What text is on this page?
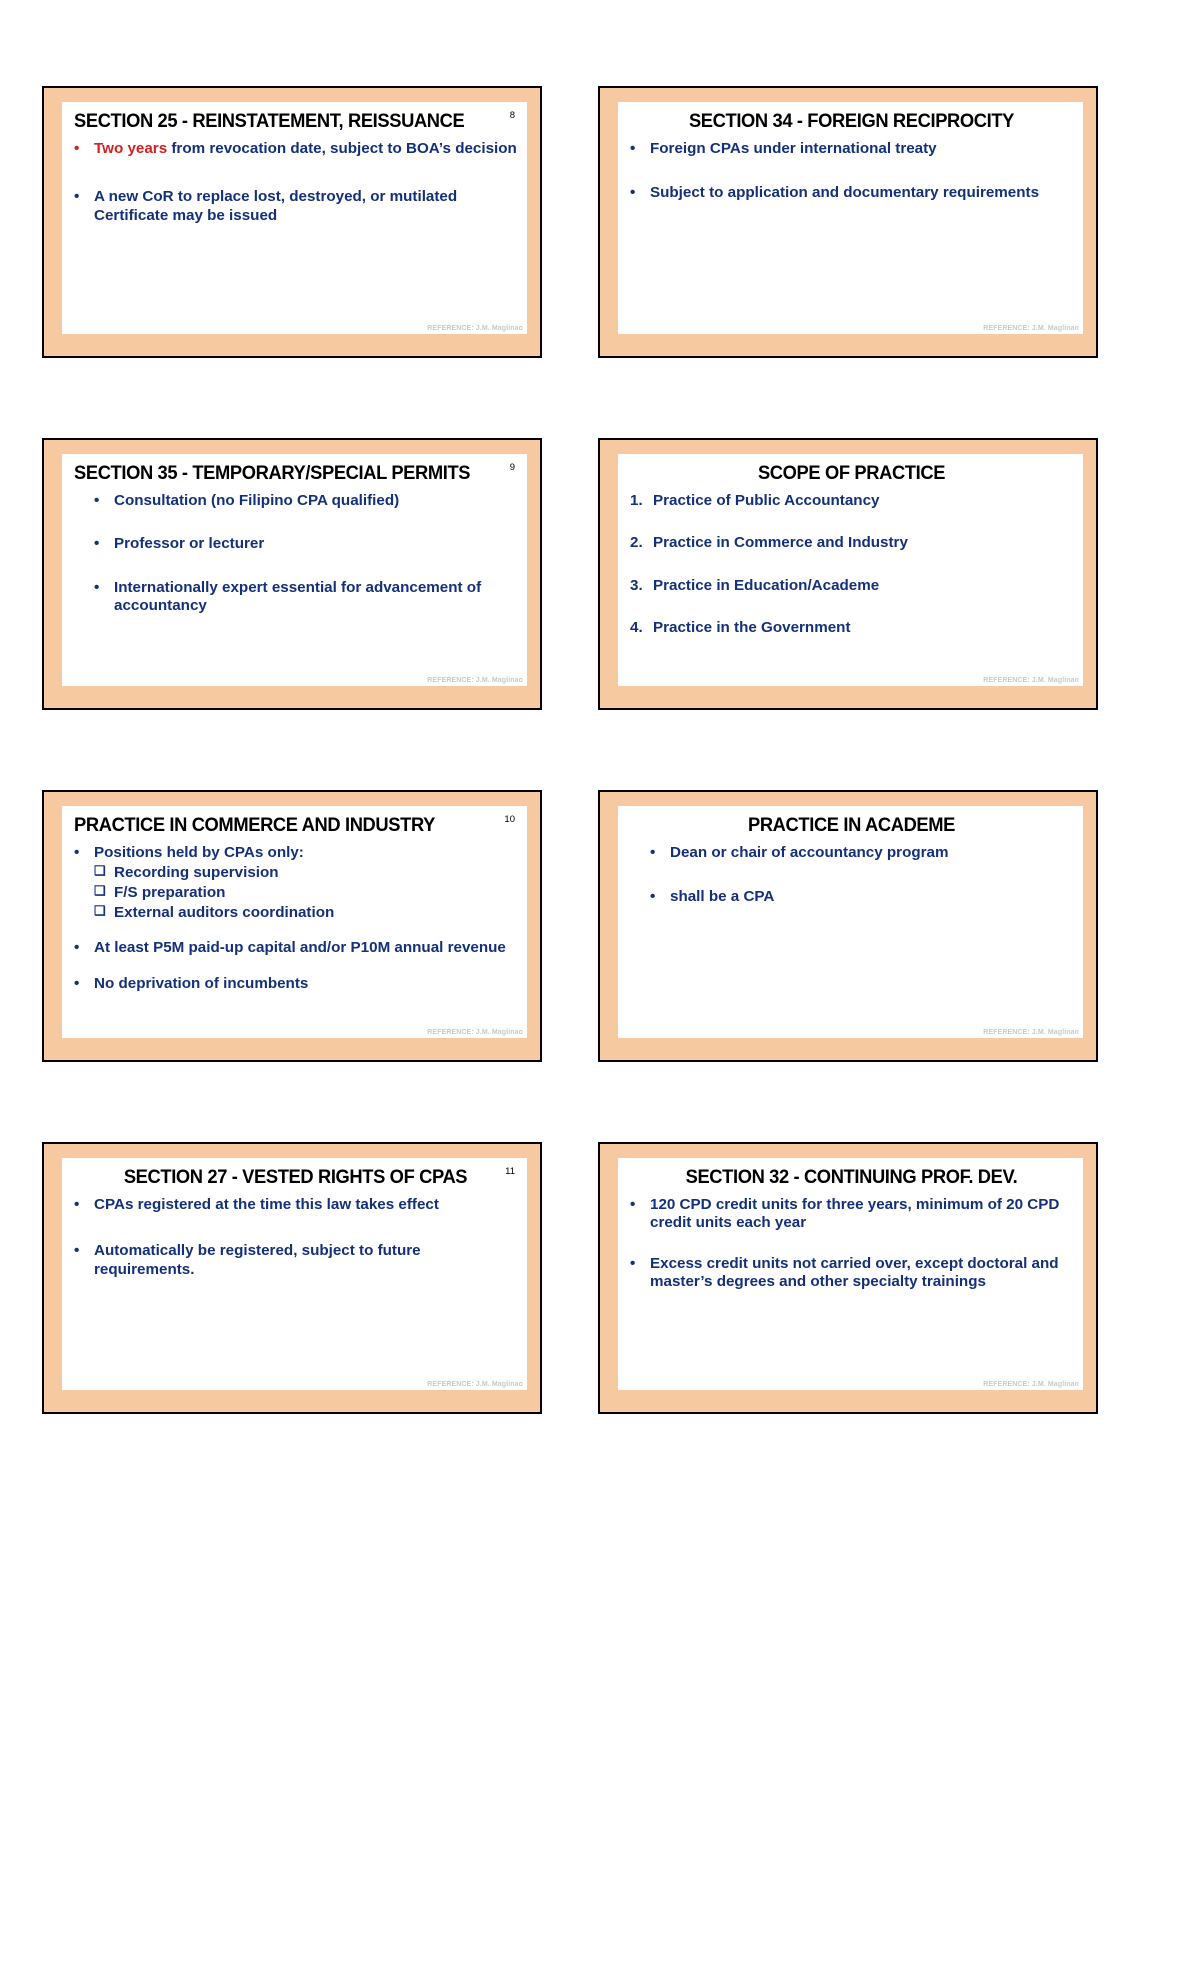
SECTION 25 - REINSTATEMENT, REISSUANCE	8
• Two years from revocation date, subject to BOA’s decision
• A new CoR to replace lost, destroyed, or mutilated Certificate may be issued
REFERENCE: J.M. Maglinao
SECTION 34 - FOREIGN RECIPROCITY
• Foreign CPAs under international treaty
• Subject to application and documentary requirements
REFERENCE: J.M. Maglinao
SECTION 35 - TEMPORARY/SPECIAL PERMITS	9
• Consultation (no Filipino CPA qualified)
• Professor or lecturer
• Internationally expert essential for advancement of accountancy
REFERENCE: J.M. Maglinao
SCOPE OF PRACTICE
1. Practice of Public Accountancy
2. Practice in Commerce and Industry
3. Practice in Education/Academe
4. Practice in the Government
REFERENCE: J.M. Maglinao
PRACTICE IN COMMERCE AND INDUSTRY	10
• Positions held by CPAs only:
❑ Recording supervision
❑ F/S preparation
❑ External auditors coordination
• At least P5M paid-up capital and/or P10M annual revenue
• No deprivation of incumbents
REFERENCE: J.M. Maglinao
PRACTICE IN ACADEME
• Dean or chair of accountancy program
• shall be a CPA
REFERENCE: J.M. Maglinao
SECTION 27 - VESTED RIGHTS OF CPAS	11
• CPAs registered at the time this law takes effect
• Automatically be registered, subject to future requirements.
REFERENCE: J.M. Maglinao
SECTION 32 - CONTINUING PROF. DEV.
• 120 CPD credit units for three years, minimum of 20 CPD credit units each year
• Excess credit units not carried over, except doctoral and master’s degrees and other specialty trainings
REFERENCE: J.M. Maglinao
